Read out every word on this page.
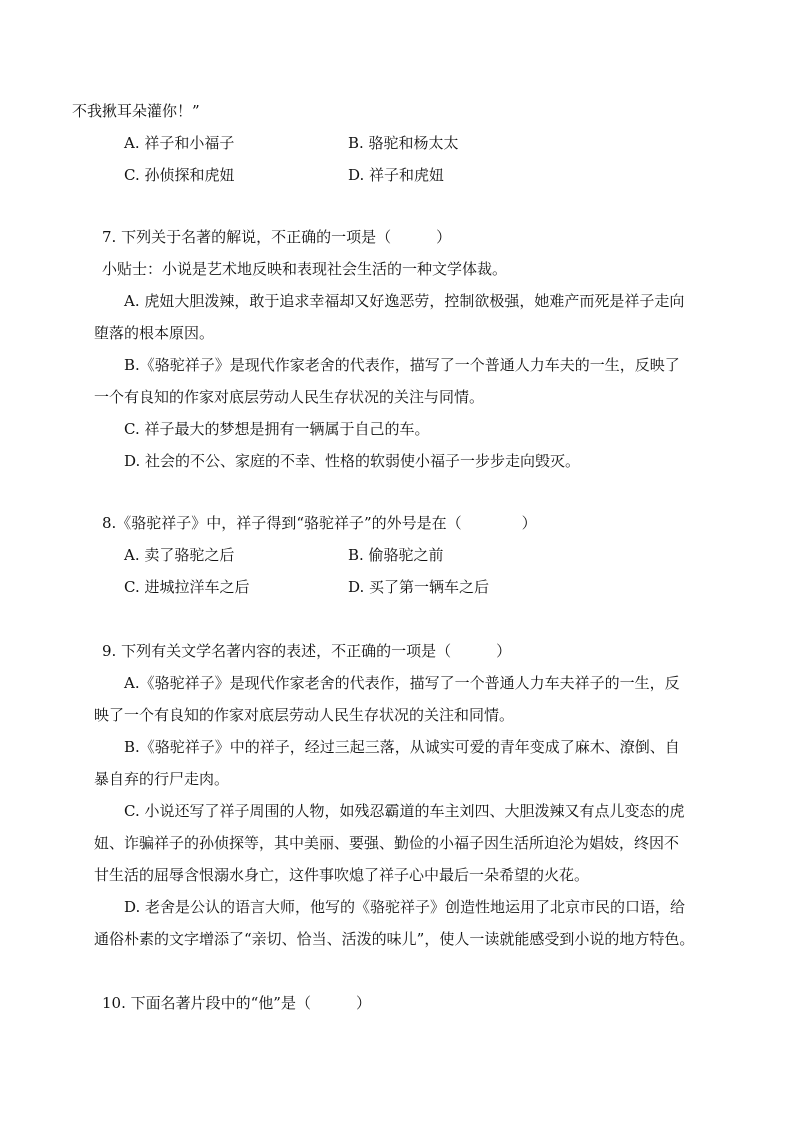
不我揪耳朵灌你！”
A. 祥子和小福子	B. 骆驼和杨太太
C. 孙侦探和虎妞	D. 祥子和虎妞
7. 下列关于名著的解说，不正确的一项是（　　　）
小贴士：小说是艺术地反映和表现社会生活的一种文学体裁。
A. 虎妞大胆泼辣，敢于追求幸福却又好逸恶劳，控制欲极强，她难产而死是祥子走向
堕落的根本原因。
B.《骆驼祥子》是现代作家老舍的代表作，描写了一个普通人力车夫的一生，反映了
一个有良知的作家对底层劳动人民生存状况的关注与同情。
C. 祥子最大的梦想是拥有一辆属于自己的车。
D. 社会的不公、家庭的不幸、性格的软弱使小福子一步步走向毁灭。
8.《骆驼祥子》中，祥子得到“骆驼祥子”的外号是在（　　　　）
A. 卖了骆驼之后	B. 偷骆驼之前
C. 进城拉洋车之后	D. 买了第一辆车之后
9. 下列有关文学名著内容的表述，不正确的一项是（　　　）
A.《骆驼祥子》是现代作家老舍的代表作，描写了一个普通人力车夫祥子的一生，反
映了一个有良知的作家对底层劳动人民生存状况的关注和同情。
B.《骆驼祥子》中的祥子，经过三起三落，从诚实可爱的青年变成了麻木、潦倒、自
暴自弃的行尸走肉。
C. 小说还写了祥子周围的人物，如残忍霸道的车主刘四、大胆泼辣又有点儿变态的虎
妞、诈骗祥子的孙侦探等，其中美丽、要强、勤俭的小福子因生活所迫沦为娼妓，终因不
甘生活的屈辱含恨溺水身亡，这件事吹熄了祥子心中最后一朵希望的火花。
D. 老舍是公认的语言大师，他写的《骆驼祥子》创造性地运用了北京市民的口语，给
通俗朴素的文字增添了“亲切、恰当、活泼的味儿”，使人一读就能感受到小说的地方特色。
10. 下面名著片段中的“他”是（　　　）
